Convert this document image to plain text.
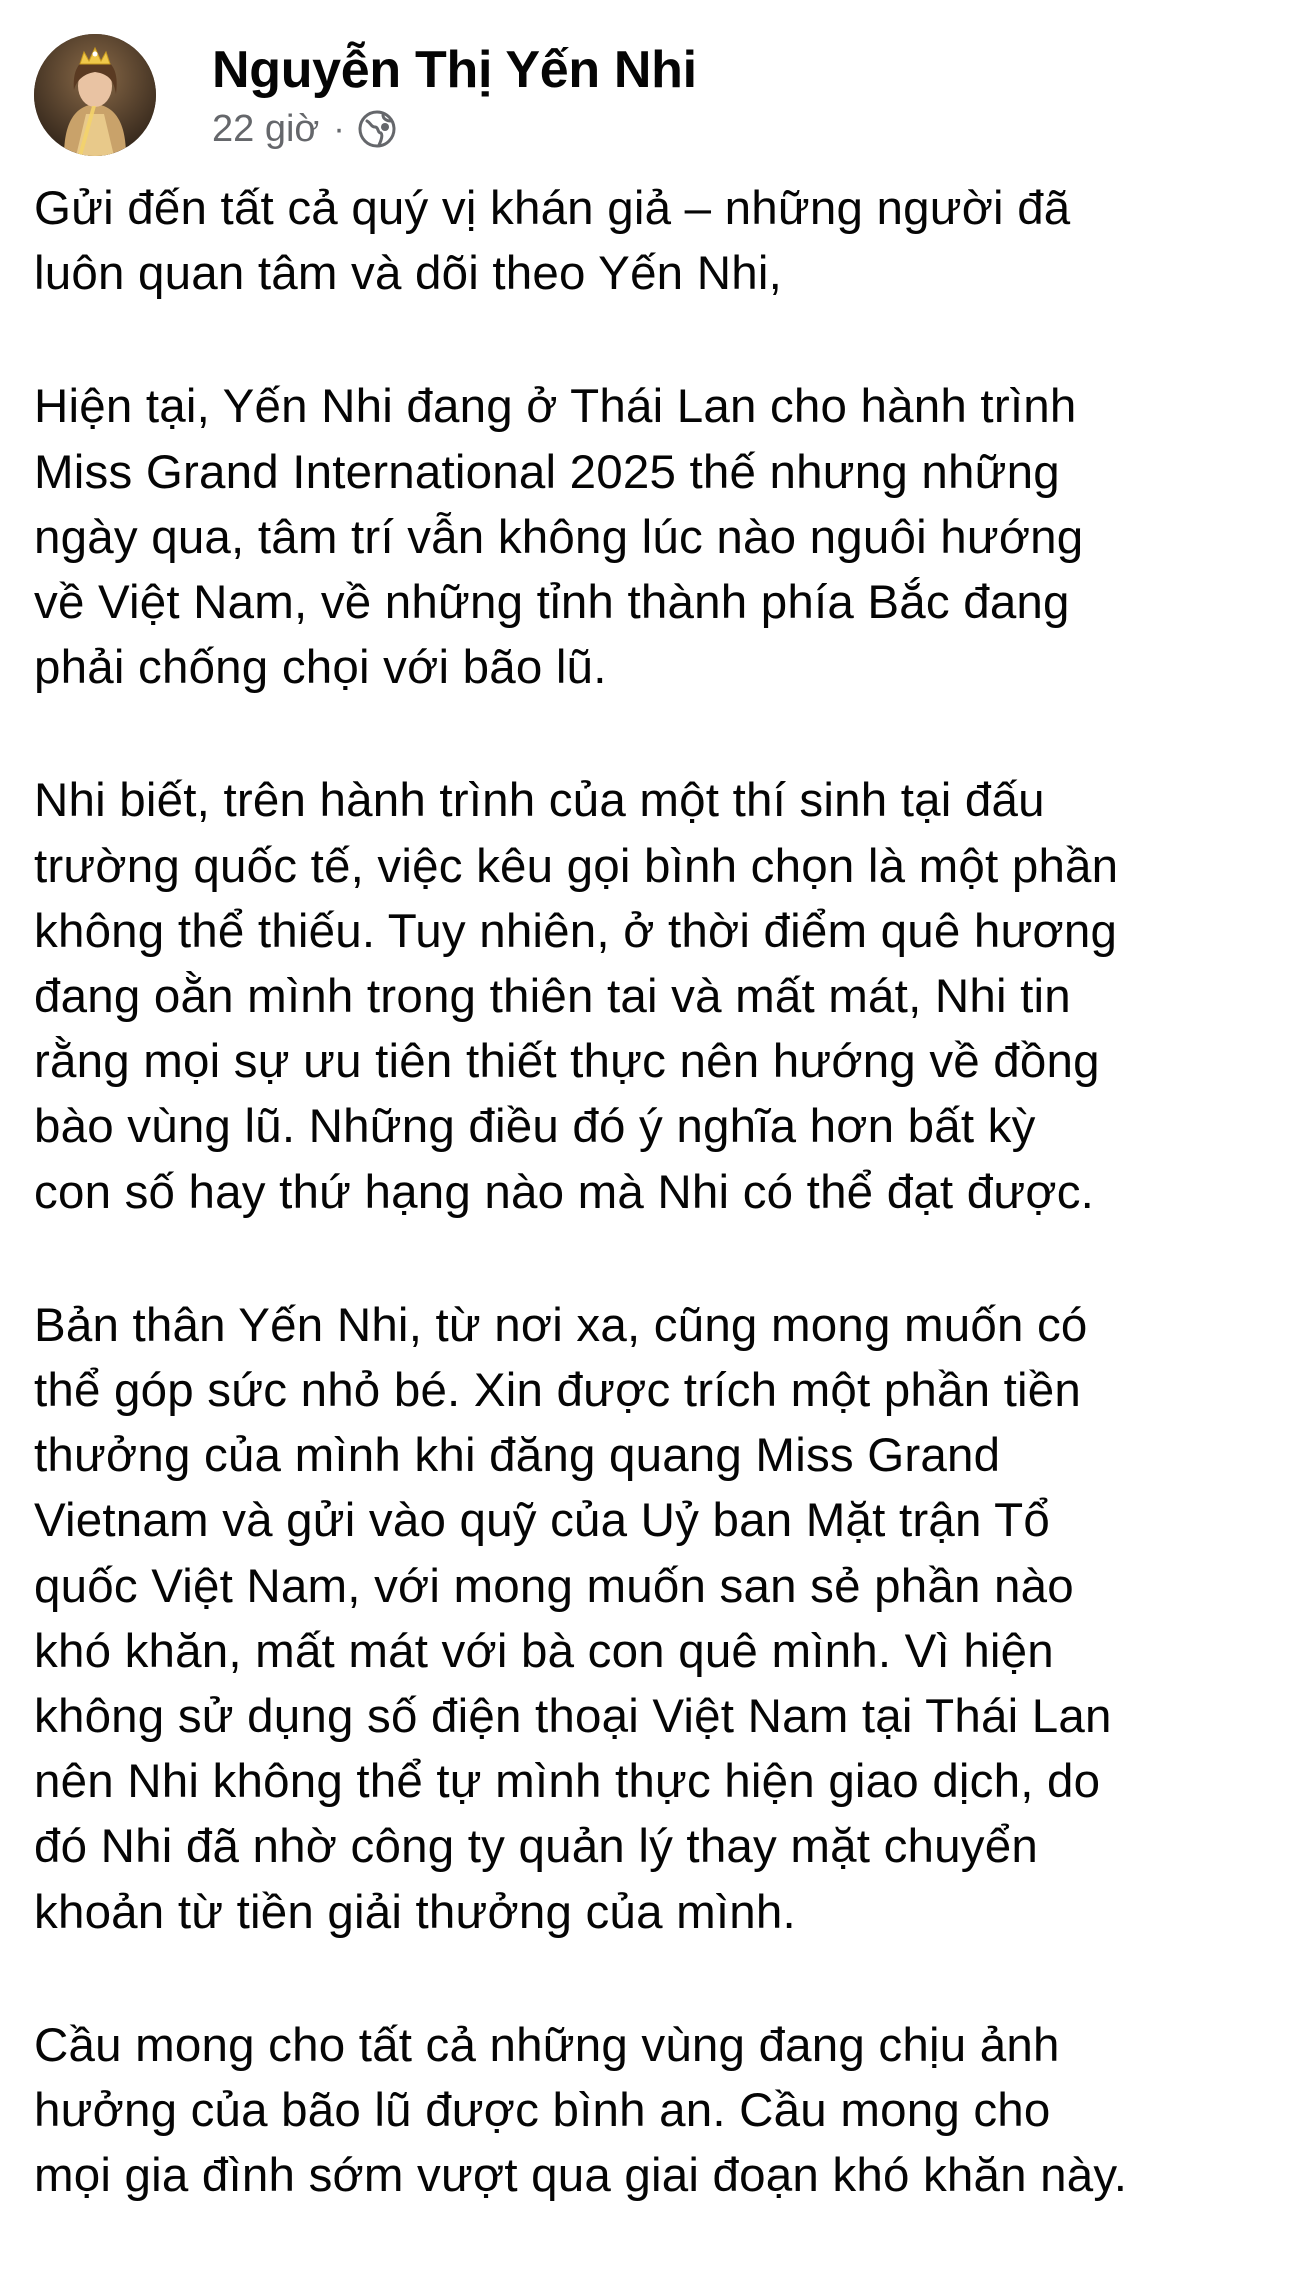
Nguyễn Thị Yến Nhi
22 giờ ·

Gửi đến tất cả quý vị khán giả – những người đã
luôn quan tâm và dõi theo Yến Nhi,

Hiện tại, Yến Nhi đang ở Thái Lan cho hành trình
Miss Grand International 2025 thế nhưng những
ngày qua, tâm trí vẫn không lúc nào nguôi hướng
về Việt Nam, về những tỉnh thành phía Bắc đang
phải chống chọi với bão lũ.

Nhi biết, trên hành trình của một thí sinh tại đấu
trường quốc tế, việc kêu gọi bình chọn là một phần
không thể thiếu. Tuy nhiên, ở thời điểm quê hương
đang oằn mình trong thiên tai và mất mát, Nhi tin
rằng mọi sự ưu tiên thiết thực nên hướng về đồng
bào vùng lũ. Những điều đó ý nghĩa hơn bất kỳ
con số hay thứ hạng nào mà Nhi có thể đạt được.

Bản thân Yến Nhi, từ nơi xa, cũng mong muốn có
thể góp sức nhỏ bé. Xin được trích một phần tiền
thưởng của mình khi đăng quang Miss Grand
Vietnam và gửi vào quỹ của Uỷ ban Mặt trận Tổ
quốc Việt Nam, với mong muốn san sẻ phần nào
khó khăn, mất mát với bà con quê mình. Vì hiện
không sử dụng số điện thoại Việt Nam tại Thái Lan
nên Nhi không thể tự mình thực hiện giao dịch, do
đó Nhi đã nhờ công ty quản lý thay mặt chuyển
khoản từ tiền giải thưởng của mình.

Cầu mong cho tất cả những vùng đang chịu ảnh
hưởng của bão lũ được bình an. Cầu mong cho
mọi gia đình sớm vượt qua giai đoạn khó khăn này.
